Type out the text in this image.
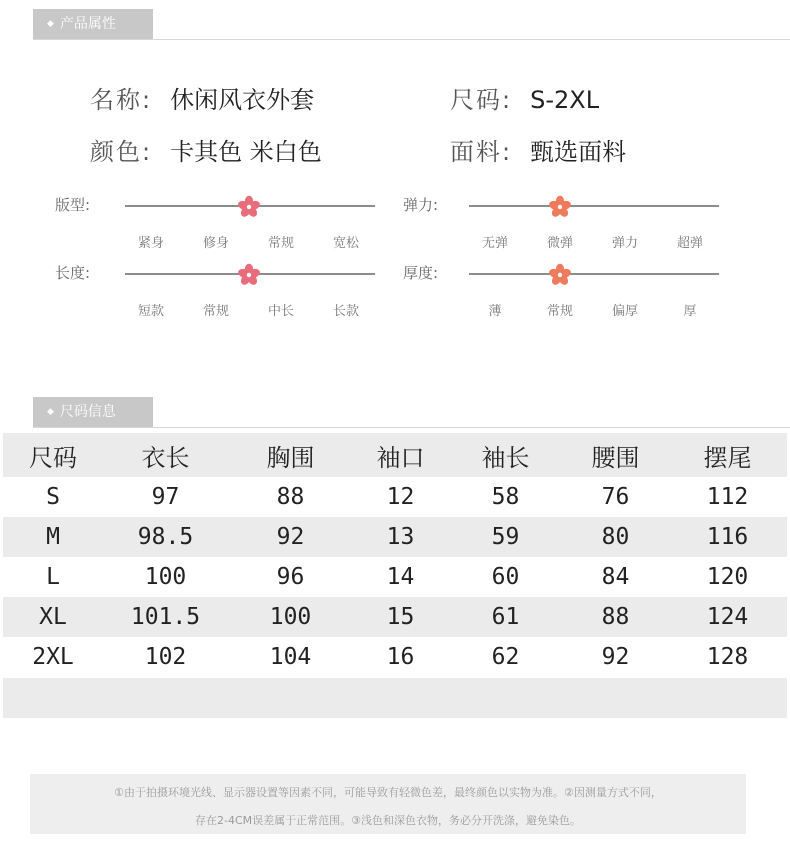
◆ 产品属性
名称: 休闲风衣外套	尺码: S-2XL
颜色: 卡其色 米白色	面料: 甄选面料
版型:
紧身	修身	常规	宽松
弹力:
无弹	微弹	弹力	超弹
长度:
短款	常规	中长	长款
厚度:
薄	常规	偏厚	厚
◆ 尺码信息
尺码	衣长	胸围	袖口	袖长	腰围	摆尾
S	97	88	12	58	76	112
M	98.5	92	13	59	80	116
L	100	96	14	60	84	120
XL	101.5	100	15	61	88	124
2XL	102	104	16	62	92	128
①由于拍摄环境光线、显示器设置等因素不同，可能导致有轻微色差，最终颜色以实物为准。②因测量方式不同，
存在2-4CM误差属于正常范围。③浅色和深色衣物，务必分开洗涤，避免染色。
